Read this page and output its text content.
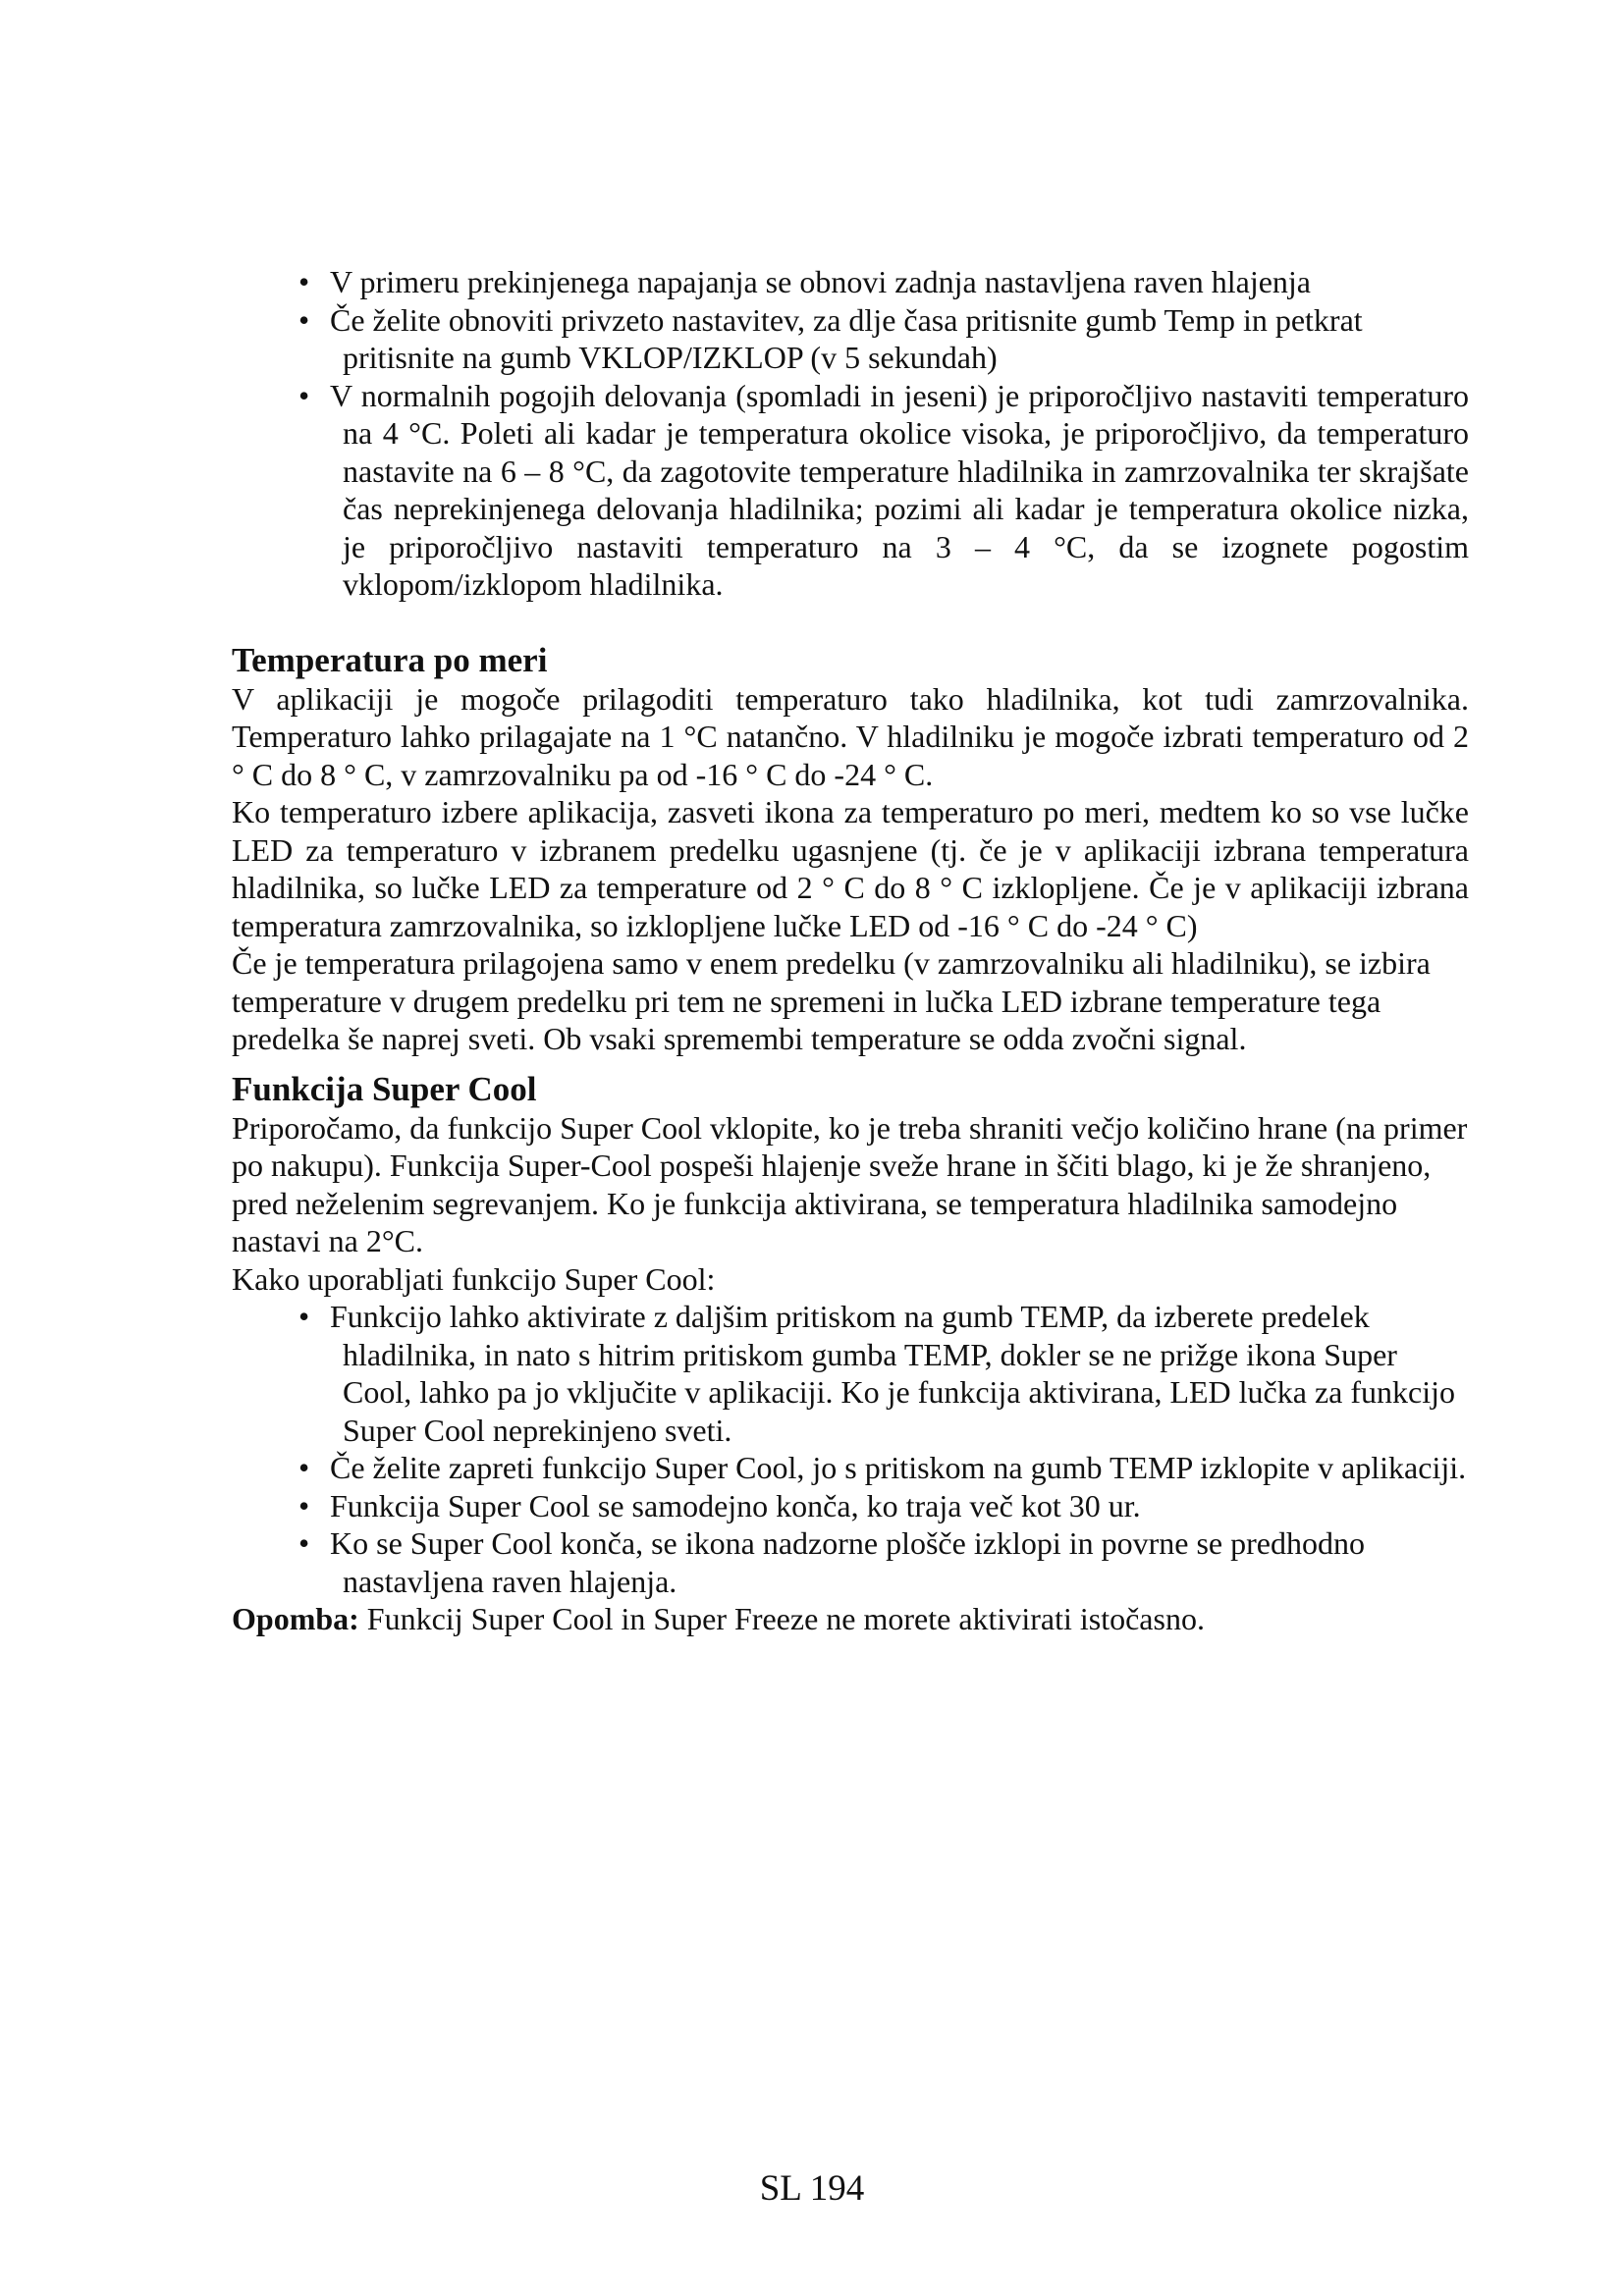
• V primeru prekinjenega napajanja se obnovi zadnja nastavljena raven hlajenja
• Če želite obnoviti privzeto nastavitev, za dlje časa pritisnite gumb Temp in petkrat pritisnite na gumb VKLOP/IZKLOP (v 5 sekundah)
• V normalnih pogojih delovanja (spomladi in jeseni) je priporočljivo nastaviti temperaturo na 4 °C. Poleti ali kadar je temperatura okolice visoka, je priporočljivo, da temperaturo nastavite na 6 – 8 °C, da zagotovite temperature hladilnika in zamrzovalnika ter skrajšate čas neprekinjenega delovanja hladilnika; pozimi ali kadar je temperatura okolice nizka, je priporočljivo nastaviti temperaturo na 3 – 4 °C, da se izognete pogostim vklopom/izklopom hladilnika.
Temperatura po meri

V aplikaciji je mogoče prilagoditi temperaturo tako hladilnika, kot tudi zamrzovalnika. Temperaturo lahko prilagajate na 1 °C natančno. V hladilniku je mogoče izbrati temperaturo od 2 ° C do 8 ° C, v zamrzovalniku pa od -16 ° C do -24 ° C.

Ko temperaturo izbere aplikacija, zasveti ikona za temperaturo po meri, medtem ko so vse lučke LED za temperaturo v izbranem predelku ugasnjene (tj. če je v aplikaciji izbrana temperatura hladilnika, so lučke LED za temperature od 2 ° C do 8 ° C izklopljene. Če je v aplikaciji izbrana temperatura zamrzovalnika, so izklopljene lučke LED od -16 ° C do -24 ° C)

Če je temperatura prilagojena samo v enem predelku (v zamrzovalniku ali hladilniku), se izbira temperature v drugem predelku pri tem ne spremeni in lučka LED izbrane temperature tega predelka še naprej sveti. Ob vsaki spremembi temperature se odda zvočni signal.

Funkcija Super Cool

Priporočamo, da funkcijo Super Cool vklopite, ko je treba shraniti večjo količino hrane (na primer po nakupu). Funkcija Super-Cool pospeši hlajenje sveže hrane in ščiti blago, ki je že shranjeno, pred neželenim segrevanjem. Ko je funkcija aktivirana, se temperatura hladilnika samodejno nastavi na 2°C.

Kako uporabljati funkcijo Super Cool:

• Funkcijo lahko aktivirate z daljšim pritiskom na gumb TEMP, da izberete predelek hladilnika, in nato s hitrim pritiskom gumba TEMP, dokler se ne prižge ikona Super Cool, lahko pa jo vključite v aplikaciji. Ko je funkcija aktivirana, LED lučka za funkcijo Super Cool neprekinjeno sveti.
• Če želite zapreti funkcijo Super Cool, jo s pritiskom na gumb TEMP izklopite v aplikaciji.
• Funkcija Super Cool se samodejno konča, ko traja več kot 30 ur.
• Ko se Super Cool konča, se ikona nadzorne plošče izklopi in povrne se predhodno nastavljena raven hlajenja.

Opomba: Funkcij Super Cool in Super Freeze ne morete aktivirati istočasno.

SL 194
